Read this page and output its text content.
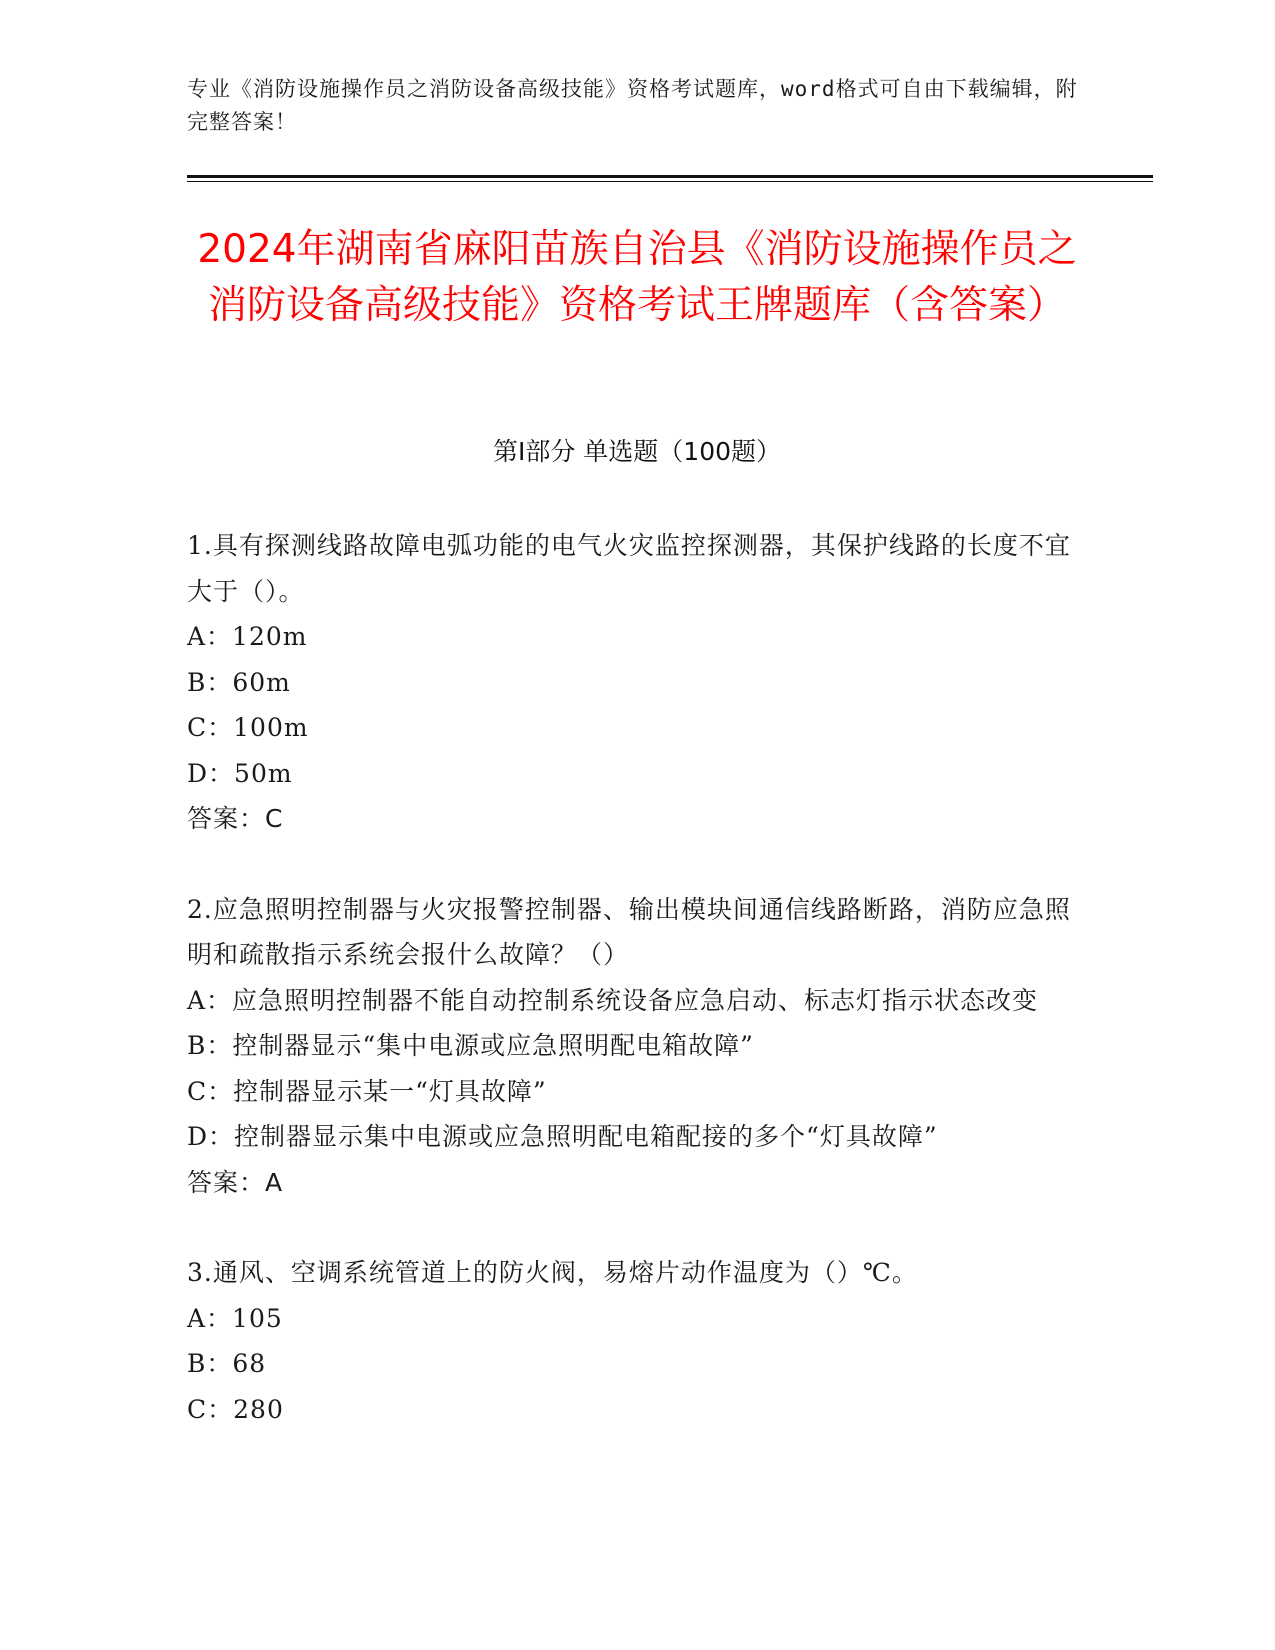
专业《消防设施操作员之消防设备高级技能》资格考试题库，word格式可自由下载编辑，附完整答案！
2024年湖南省麻阳苗族自治县《消防设施操作员之消防设备高级技能》资格考试王牌题库（含答案）
第Ⅰ部分 单选题（100题）

1.具有探测线路故障电弧功能的电气火灾监控探测器，其保护线路的长度不宜大于（）。

A：120m

B：60m

C：100m

D：50m

答案：C

2.应急照明控制器与火灾报警控制器、输出模块间通信线路断路，消防应急照明和疏散指示系统会报什么故障？（）

A：应急照明控制器不能自动控制系统设备应急启动、标志灯指示状态改变

B：控制器显示“集中电源或应急照明配电箱故障”

C：控制器显示某一“灯具故障”

D：控制器显示集中电源或应急照明配电箱配接的多个“灯具故障”

答案：A

3.通风、空调系统管道上的防火阀，易熔片动作温度为（）℃。

A：105

B：68

C：280
